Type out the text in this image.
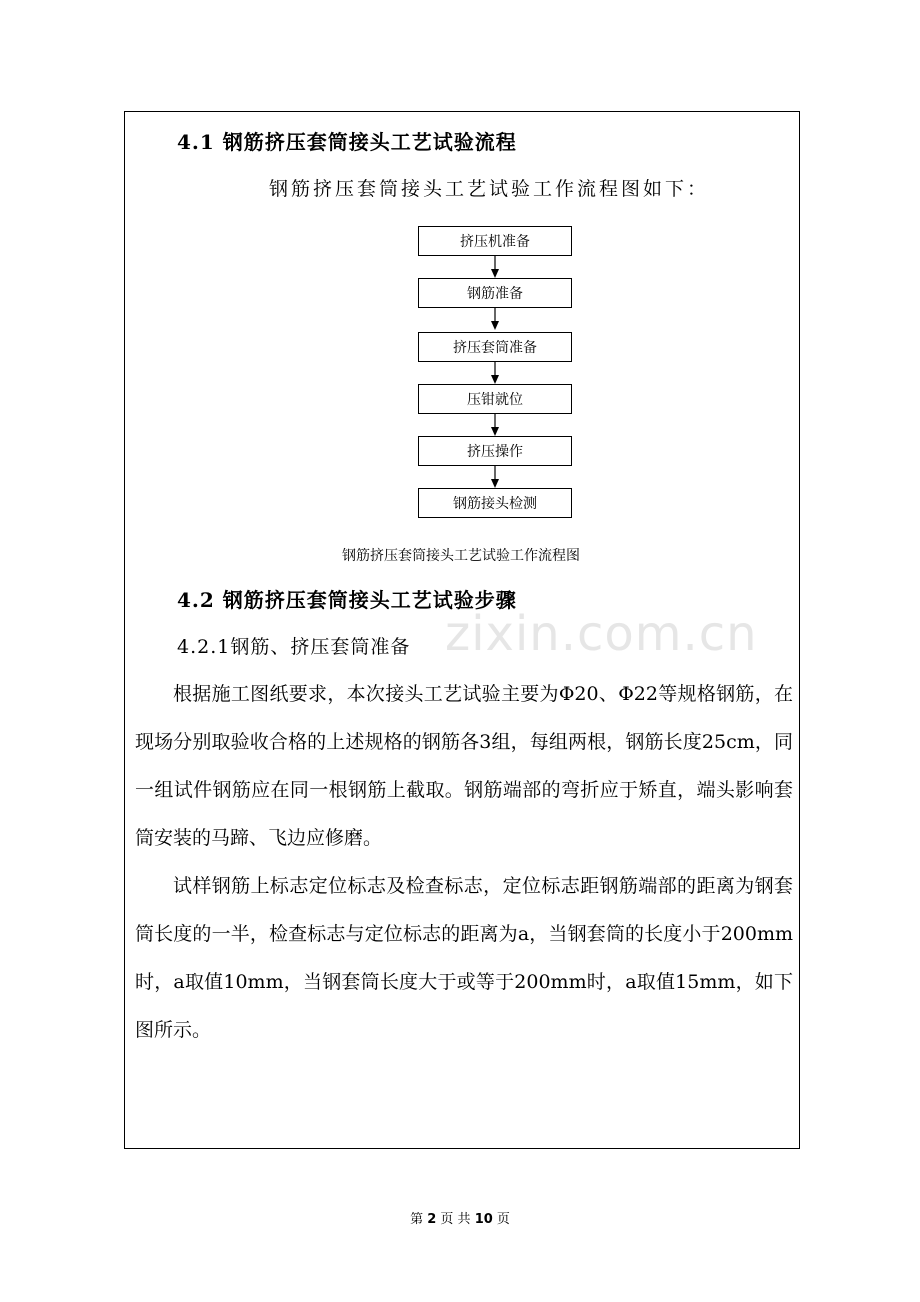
4.1 钢筋挤压套筒接头工艺试验流程
钢筋挤压套筒接头工艺试验工作流程图如下：
挤压机准备
钢筋准备
挤压套筒准备
压钳就位
挤压操作
钢筋接头检测
钢筋挤压套筒接头工艺试验工作流程图
4.2 钢筋挤压套筒接头工艺试验步骤
4.2.1钢筋、挤压套筒准备

根据施工图纸要求，本次接头工艺试验主要为Φ20、Φ22等规格钢筋，在现场分别取验收合格的上述规格的钢筋各3组，每组两根，钢筋长度25cm，同一组试件钢筋应在同一根钢筋上截取。钢筋端部的弯折应于矫直，端头影响套筒安装的马蹄、飞边应修磨。

试样钢筋上标志定位标志及检查标志，定位标志距钢筋端部的距离为钢套筒长度的一半，检查标志与定位标志的距离为a，当钢套筒的长度小于200mm时，a取值10mm，当钢套筒长度大于或等于200mm时，a取值15mm，如下图所示。

zixin.com.cn
第 2 页 共 10 页
